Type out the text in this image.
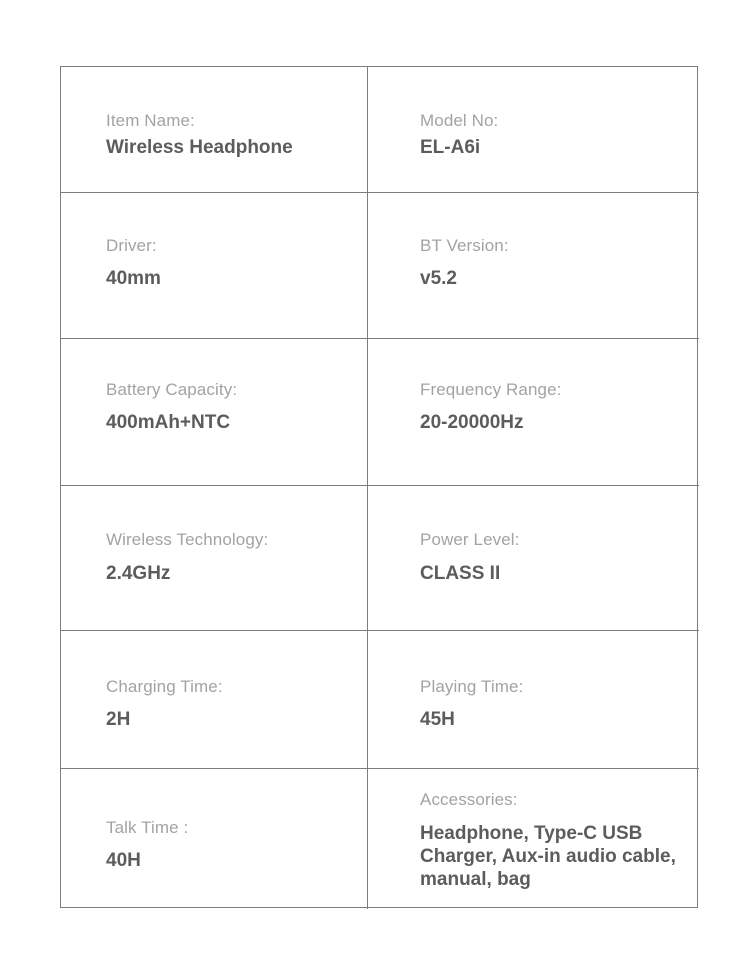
Item Name:
Wireless Headphone
Model No:
EL-A6i
Driver:
40mm
BT Version:
v5.2
Battery Capacity:
400mAh+NTC
Frequency Range:
20-20000Hz
Wireless Technology:
2.4GHz
Power Level:
CLASS II
Charging Time:
2H
Playing Time:
45H
Talk Time :
40H
Accessories:
Headphone, Type-C USB Charger, Aux-in audio cable, manual, bag
